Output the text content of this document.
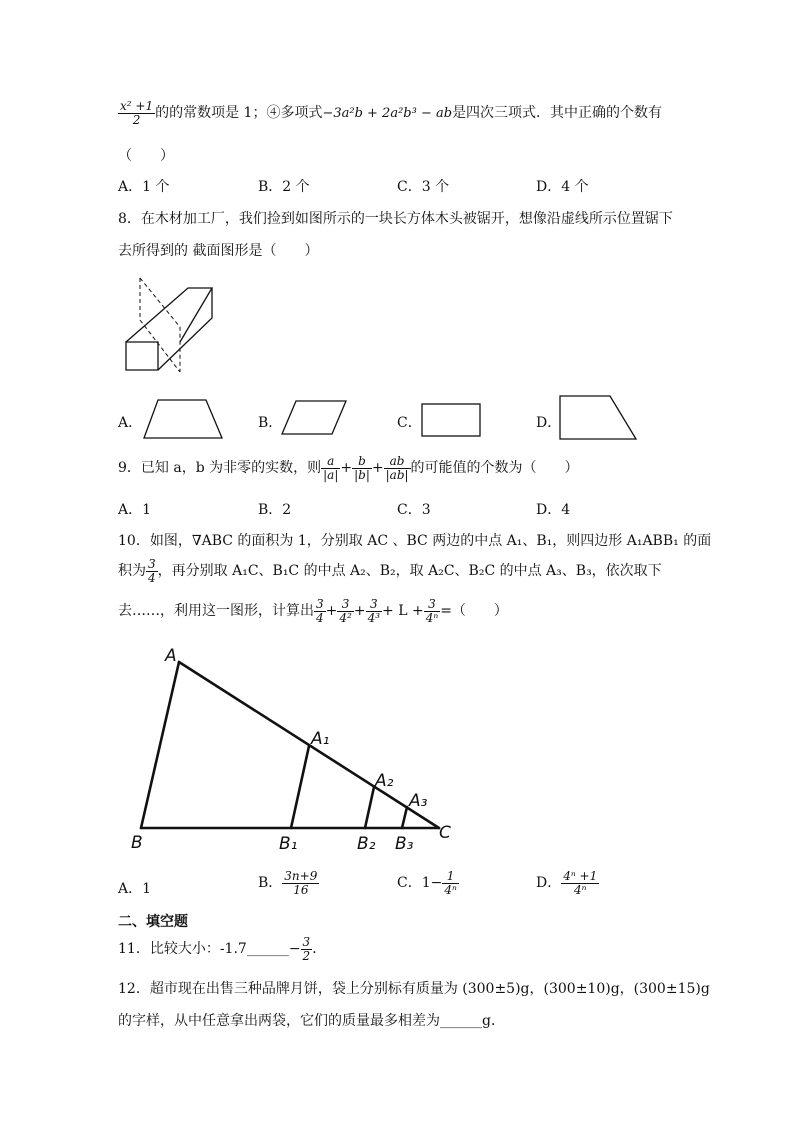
$\frac{\text{x² +1}}{2}$ 的的常数项是 1；④多项式−3a²b + 2a²b³ − ab是四次三项式．其中正确的个数有
（　　）
A．1 个	B．2 个	C．3 个	D．4 个
8．在木材加工厂，我们捡到如图所示的一块长方体木头被锯开，想像沿虚线所示位置锯下
去所得到的 截面图形是（　　）
A．	B．	C．	D．
9．已知 a，b 为非零的实数，则 $\frac{a}{|a|} + \frac{b}{|b|} + \frac{ab}{|ab|}$ 的可能值的个数为（　　）
A．1	B．2	C．3	D．4
10．如图，∇ABC 的面积为 1，分别取 AC 、BC 两边的中点 A₁、B₁，则四边形 A₁ABB₁ 的面
积为 $\frac{3}{4}$ ，再分别取 A₁C、B₁C 的中点 A₂、B₂，取 A₂C、B₂C 的中点 A₃、B₃，依次取下
去……，利用这一图形，计算出 $\frac{3}{4} + \frac{3}{\text{4²}} + \frac{3}{\text{4³}} + L + \frac{3}{\text{4ⁿ}}$ =（　　）
A
B
A₁
B₁
A₂
B₂
A₃
B₃
C
A．1	B． $\frac{3n+9}{16}$	C．$1- \frac{1}{\text{4ⁿ}}$	D． $\frac{\text{4ⁿ +1}}{\text{4ⁿ}}$
二、填空题
11．比较大小：-1.7______− $\frac{3}{2}$ ．
12．超市现在出售三种品牌月饼，袋上分别标有质量为 (300±5)g，(300±10)g，(300±15)g
的字样，从中任意拿出两袋，它们的质量最多相差为______g．
